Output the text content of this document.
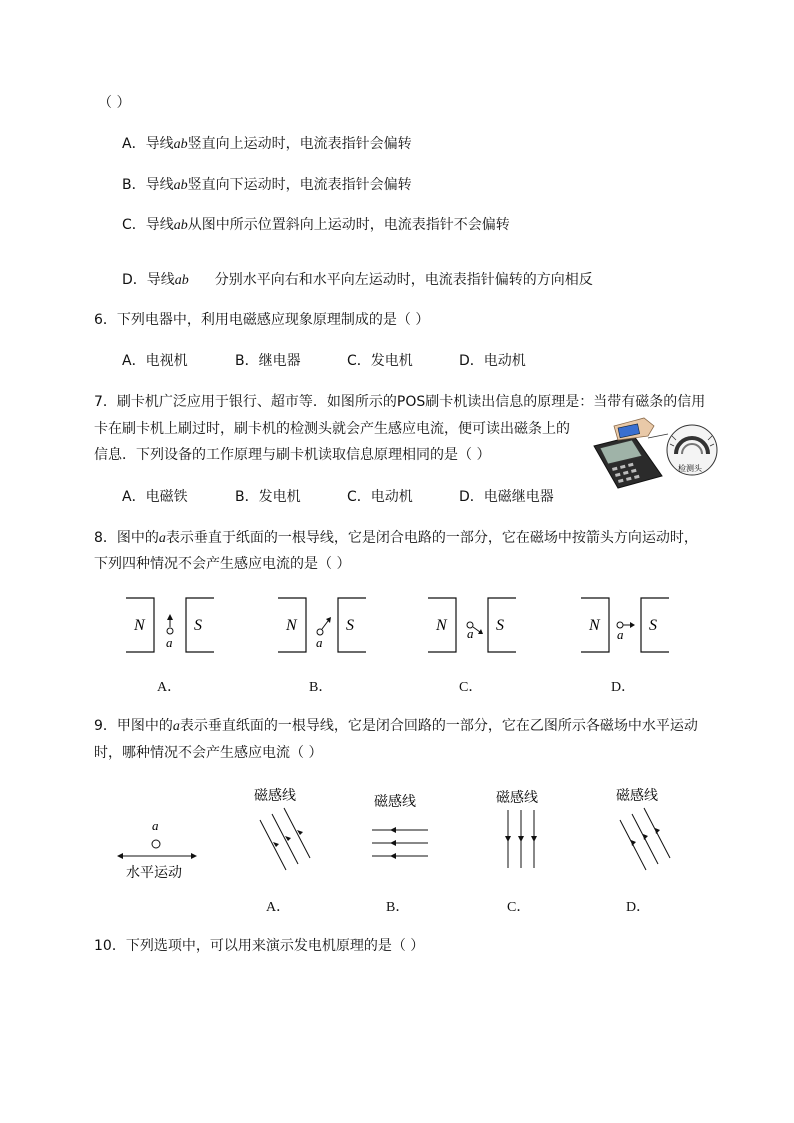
（ ）
A．导线ab竖直向上运动时，电流表指针会偏转
B．导线ab竖直向下运动时，电流表指针会偏转
C．导线ab从图中所示位置斜向上运动时，电流表指针不会偏转
D．导线ab 分别水平向右和水平向左运动时，电流表指针偏转的方向相反
6．下列电器中，利用电磁感应现象原理制成的是（ ）
A．电视机	B．继电器	C．发电机	D．电动机
7．刷卡机广泛应用于银行、超市等．如图所示的POS刷卡机读出信息的原理是：当带有磁条的信用
卡在刷卡机上刷过时，刷卡机的检测头就会产生感应电流，便可读出磁条上的
信息．下列设备的工作原理与刷卡机读取信息原理相同的是（ ）
检测头
A．电磁铁	B．发电机	C．电动机	D．电磁继电器
8．图中的a表示垂直于纸面的一根导线，它是闭合电路的一部分，它在磁场中按箭头方向运动时，
下列四种情况不会产生感应电流的是（ ）
N	S
a
A．
N	S
a
B．
N	S
a
C．
N	S
a
D．
9．甲图中的a表示垂直纸面的一根导线，它是闭合回路的一部分，它在乙图所示各磁场中水平运动
时，哪种情况不会产生感应电流（ ）
a
水平运动
磁感线
A．
磁感线
B．
磁感线
C．
磁感线
D．
10．下列选项中，可以用来演示发电机原理的是（ ）
